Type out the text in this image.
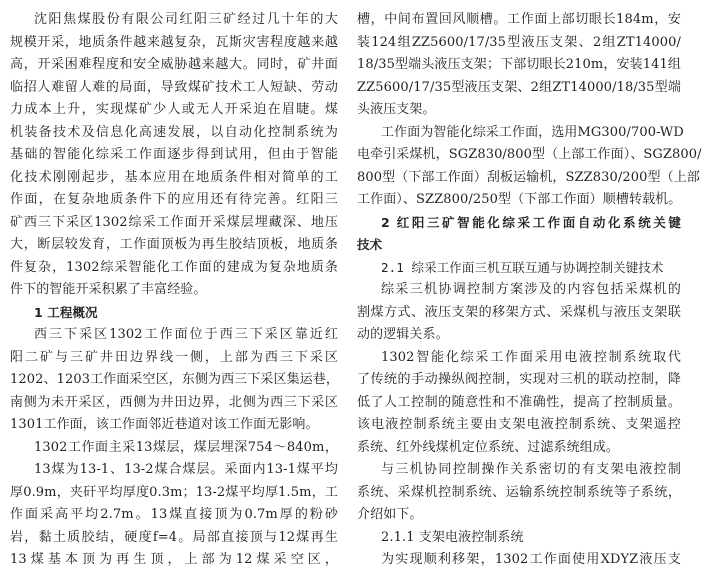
沈阳焦煤股份有限公司红阳三矿经过几十年的大
规模开采，地质条件越来越复杂，瓦斯灾害程度越来越
高，开采困难程度和安全威胁越来越大。同时，矿井面
临招人难留人难的局面，导致煤矿技术工人短缺、劳动
力成本上升，实现煤矿少人或无人开采迫在眉睫。煤
机装备技术及信息化高速发展，以自动化控制系统为
基础的智能化综采工作面逐步得到试用，但由于智能
化技术刚刚起步，基本应用在地质条件相对简单的工
作面，在复杂地质条件下的应用还有待完善。红阳三
矿西三下采区1302综采工作面开采煤层埋藏深、地压
大，断层较发育，工作面顶板为再生胶结顶板，地质条
件复杂，1302综采智能化工作面的建成为复杂地质条
件下的智能开采积累了丰富经验。
1 工程概况
西三下采区1302工作面位于西三下采区靠近红
阳二矿与三矿井田边界线一侧，上部为西三下采区
1202、1203工作面采空区，东侧为西三下采区集运巷，
南侧为未开采区，西侧为井田边界，北侧为西三下采区
1301工作面，该工作面邻近巷道对该工作面无影响。
1302工作面主采13煤层，煤层埋深754～840m，
13煤为13-1、13-2煤合煤层。采面内13-1煤平均
厚0.9m，夹矸平均厚度0.3m；13-2煤平均厚1.5m，工
作面采高平均2.7m。13煤直接顶为0.7m厚的粉砂
岩，黏土质胶结，硬度f=4。局部直接顶与12煤再生
13煤基本顶为再生顶，上部为12煤采空区，
槽，中间布置回风顺槽。工作面上部切眼长184m，安
装124组ZZ5600/17/35型液压支架、2组ZT14000/
18/35型端头液压支架；下部切眼长210m，安装141组
ZZ5600/17/35型液压支架、2组ZT14000/18/35型端
头液压支架。
工作面为智能化综采工作面，选用MG300/700-WD
电牵引采煤机，SGZ830/800型（上部工作面）、SGZ800/
800型（下部工作面）刮板运输机，SZZ830/200型（上部
工作面）、SZZ800/250型（下部工作面）顺槽转载机。
2 红阳三矿智能化综采工作面自动化系统关键
技术
2.1 综采工作面三机互联互通与协调控制关键技术
综采三机协调控制方案涉及的内容包括采煤机的
割煤方式、液压支架的移架方式、采煤机与液压支架联
动的逻辑关系。
1302智能化综采工作面采用电液控制系统取代
了传统的手动操纵阀控制，实现对三机的联动控制，降
低了人工控制的随意性和不准确性，提高了控制质量。
该电液控制系统主要由支架电液控制系统、支架遥控
系统、红外线煤机定位系统、过滤系统组成。
与三机协同控制操作关系密切的有支架电液控制
系统、采煤机控制系统、运输系统控制系统等子系统，
介绍如下。
2.1.1 支架电液控制系统
为实现顺利移架，1302工作面使用XDYZ液压支
